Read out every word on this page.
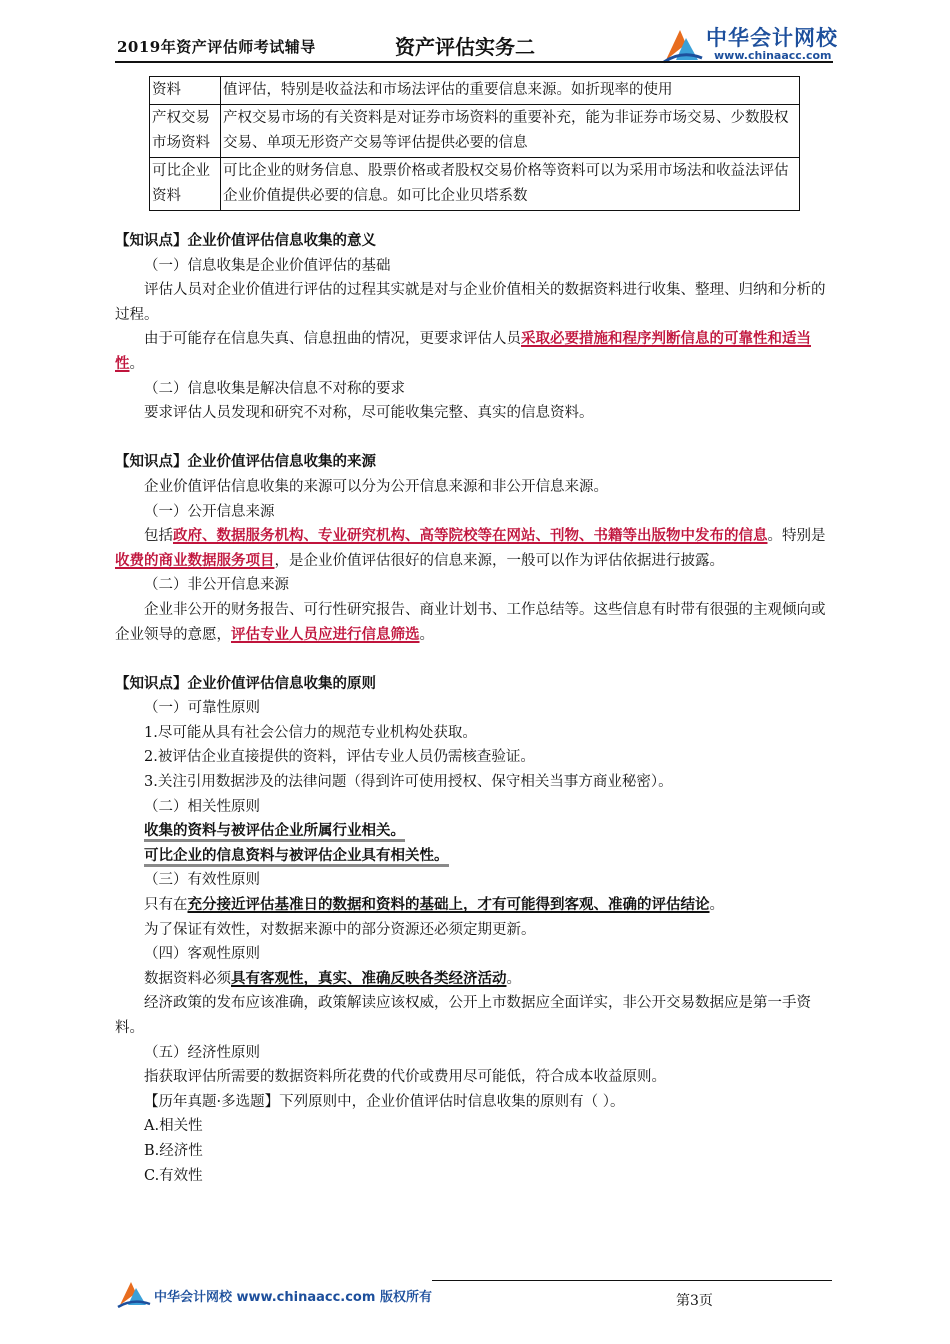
2019年资产评估师考试辅导	资产评估实务二	中华会计网校
www.chinaacc.com
资料	值评估，特别是收益法和市场法评估的重要信息来源。如折现率的使用
产权交易
市场资料	产权交易市场的有关资料是对证券市场资料的重要补充，能为非证券市场交易、少数股权交易、单项无形资产交易等评估提供必要的信息
可比企业
资料	可比企业的财务信息、股票价格或者股权交易价格等资料可以为采用市场法和收益法评估企业价值提供必要的信息。如可比企业贝塔系数

【知识点】企业价值评估信息收集的意义

（一）信息收集是企业价值评估的基础

评估人员对企业价值进行评估的过程其实就是对与企业价值相关的数据资料进行收集、整理、归纳和分析的过程。

由于可能存在信息失真、信息扭曲的情况，更要求评估人员采取必要措施和程序判断信息的可靠性和适当性。

（二）信息收集是解决信息不对称的要求

要求评估人员发现和研究不对称，尽可能收集完整、真实的信息资料。

【知识点】企业价值评估信息收集的来源

企业价值评估信息收集的来源可以分为公开信息来源和非公开信息来源。

（一）公开信息来源

包括政府、数据服务机构、专业研究机构、高等院校等在网站、刊物、书籍等出版物中发布的信息。特别是收费的商业数据服务项目，是企业价值评估很好的信息来源，一般可以作为评估依据进行披露。

（二）非公开信息来源

企业非公开的财务报告、可行性研究报告、商业计划书、工作总结等。这些信息有时带有很强的主观倾向或企业领导的意愿，评估专业人员应进行信息筛选。

【知识点】企业价值评估信息收集的原则

（一）可靠性原则

1.尽可能从具有社会公信力的规范专业机构处获取。

2.被评估企业直接提供的资料，评估专业人员仍需核查验证。

3.关注引用数据涉及的法律问题（得到许可使用授权、保守相关当事方商业秘密）。

（二）相关性原则

收集的资料与被评估企业所属行业相关。

可比企业的信息资料与被评估企业具有相关性。

（三）有效性原则

只有在充分接近评估基准日的数据和资料的基础上，才有可能得到客观、准确的评估结论。

为了保证有效性，对数据来源中的部分资源还必须定期更新。

（四）客观性原则

数据资料必须具有客观性，真实、准确反映各类经济活动。

经济政策的发布应该准确，政策解读应该权威，公开上市数据应全面详实，非公开交易数据应是第一手资料。

（五）经济性原则

指获取评估所需要的数据资料所花费的代价或费用尽可能低，符合成本收益原则。

【历年真题·多选题】下列原则中，企业价值评估时信息收集的原则有（ ）。

A.相关性

B.经济性

C.有效性

中华会计网校 www.chinaacc.com 版权所有	第3页
